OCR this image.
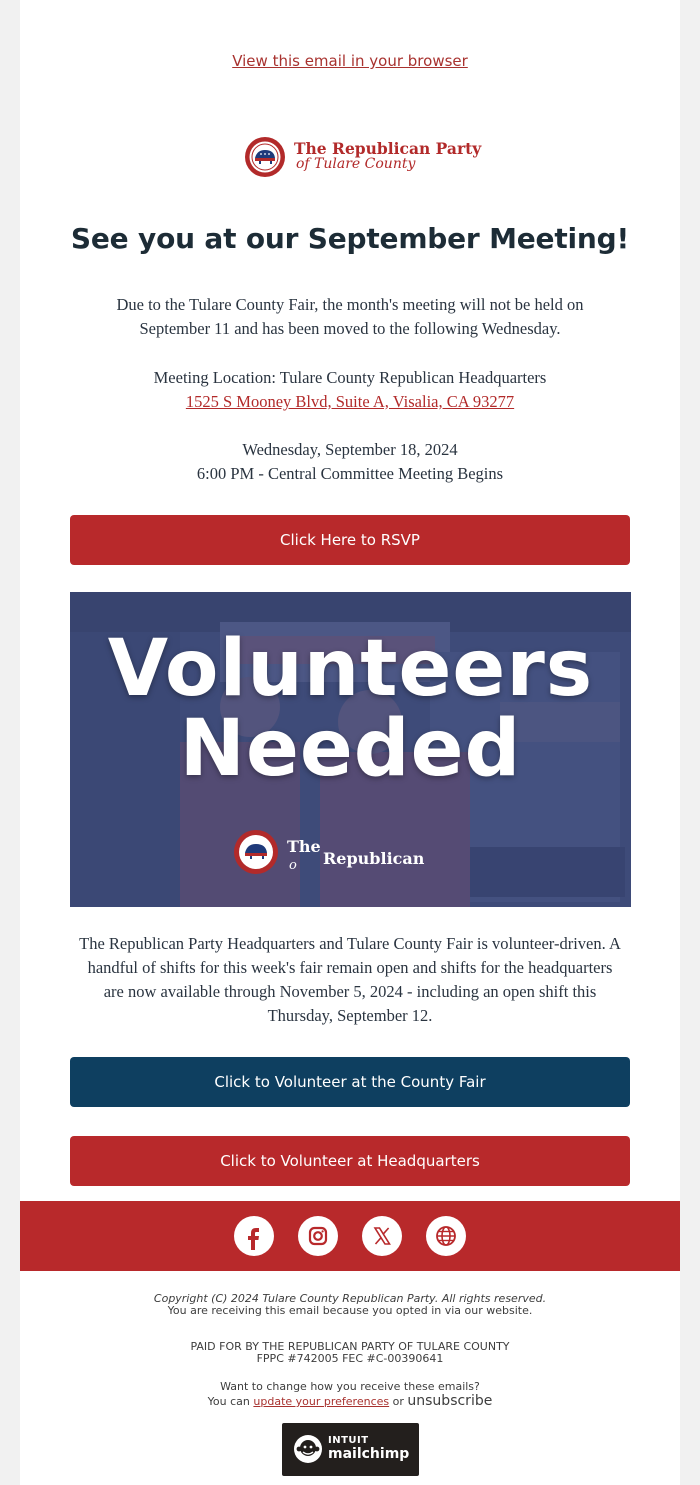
View this email in your browser
The Republican Party
of Tulare County
See you at our September Meeting!
Due to the Tulare County Fair, the month's meeting will not be held on
September 11 and has been moved to the following Wednesday.
Meeting Location: Tulare County Republican Headquarters
1525 S Mooney Blvd, Suite A, Visalia, CA 93277
Wednesday, September 18, 2024
6:00 PM - Central Committee Meeting Begins
Click Here to RSVP
Volunteers
Needed
The
o Republican
The Republican Party Headquarters and Tulare County Fair is volunteer-driven. A
handful of shifts for this week's fair remain open and shifts for the headquarters
are now available through November 5, 2024 - including an open shift this
Thursday, September 12.
Click to Volunteer at the County Fair
Click to Volunteer at Headquarters
Copyright (C) 2024 Tulare County Republican Party. All rights reserved.
You are receiving this email because you opted in via our website.
PAID FOR BY THE REPUBLICAN PARTY OF TULARE COUNTY
FPPC #742005 FEC #C-00390641
Want to change how you receive these emails?
You can update your preferences or unsubscribe
INTUIT
mailchimp
